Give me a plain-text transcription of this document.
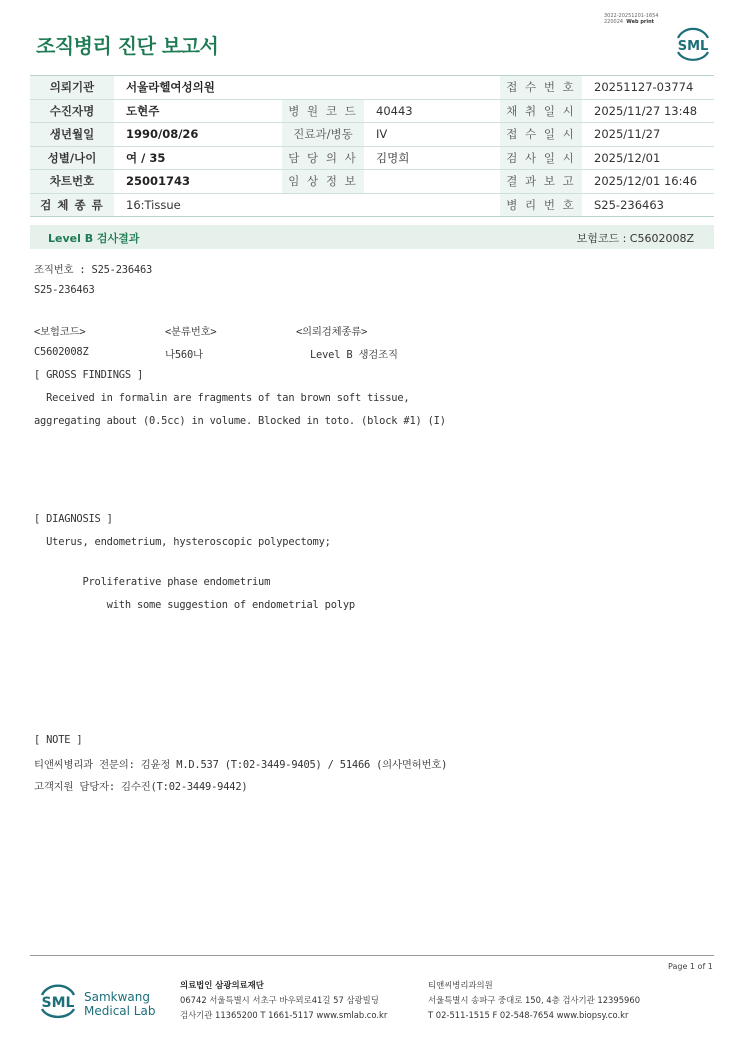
3022-20251201-1654
220024 Web print
조직병리 진단 보고서	SML
의뢰기관	서울라헬여성의원			접 수 번 호	20251127-03774
수진자명	도현주	병 원 코 드	40443	채 취 일 시	2025/11/27 13:48
생년월일	1990/08/26	진료과/병동	IV	접 수 일 시	2025/11/27
성별/나이	여 / 35	담 당 의 사	김명희	검 사 일 시	2025/12/01
차트번호	25001743	임 상 정 보		결 과 보 고	2025/12/01 16:46
검 체 종 류	16:Tissue			병 리 번 호	S25-236463
Level B 검사결과	보험코드 : C5602008Z
조직번호 : S25-236463
S25-236463
<보험코드>	<분류번호>	<의뢰검체종류>
C5602008Z	나560나	Level B 생검조직
[ GROSS FINDINGS ]
Received in formalin are fragments of tan brown soft tissue,
aggregating about (0.5cc) in volume. Blocked in toto. (block #1) (I)
[ DIAGNOSIS ]
Uterus, endometrium, hysteroscopic polypectomy;
Proliferative phase endometrium
with some suggestion of endometrial polyp
[ NOTE ]
티앤씨병리과 전문의: 김윤정 M.D.537 (T:02-3449-9405) / 51466 (의사면허번호)
고객지원 담당자: 김수진(T:02-3449-9442)
Page 1 of 1
SML Samkwang
Medical Lab
의료법인 삼광의료재단
06742 서울특별시 서초구 바우뫼로41길 57 삼광빌딩
검사기관 11365200 T 1661-5117 www.smlab.co.kr
티앤씨병리과의원
서울특별시 송파구 중대로 150, 4층 검사기관 12395960
T 02-511-1515 F 02-548-7654 www.biopsy.co.kr
